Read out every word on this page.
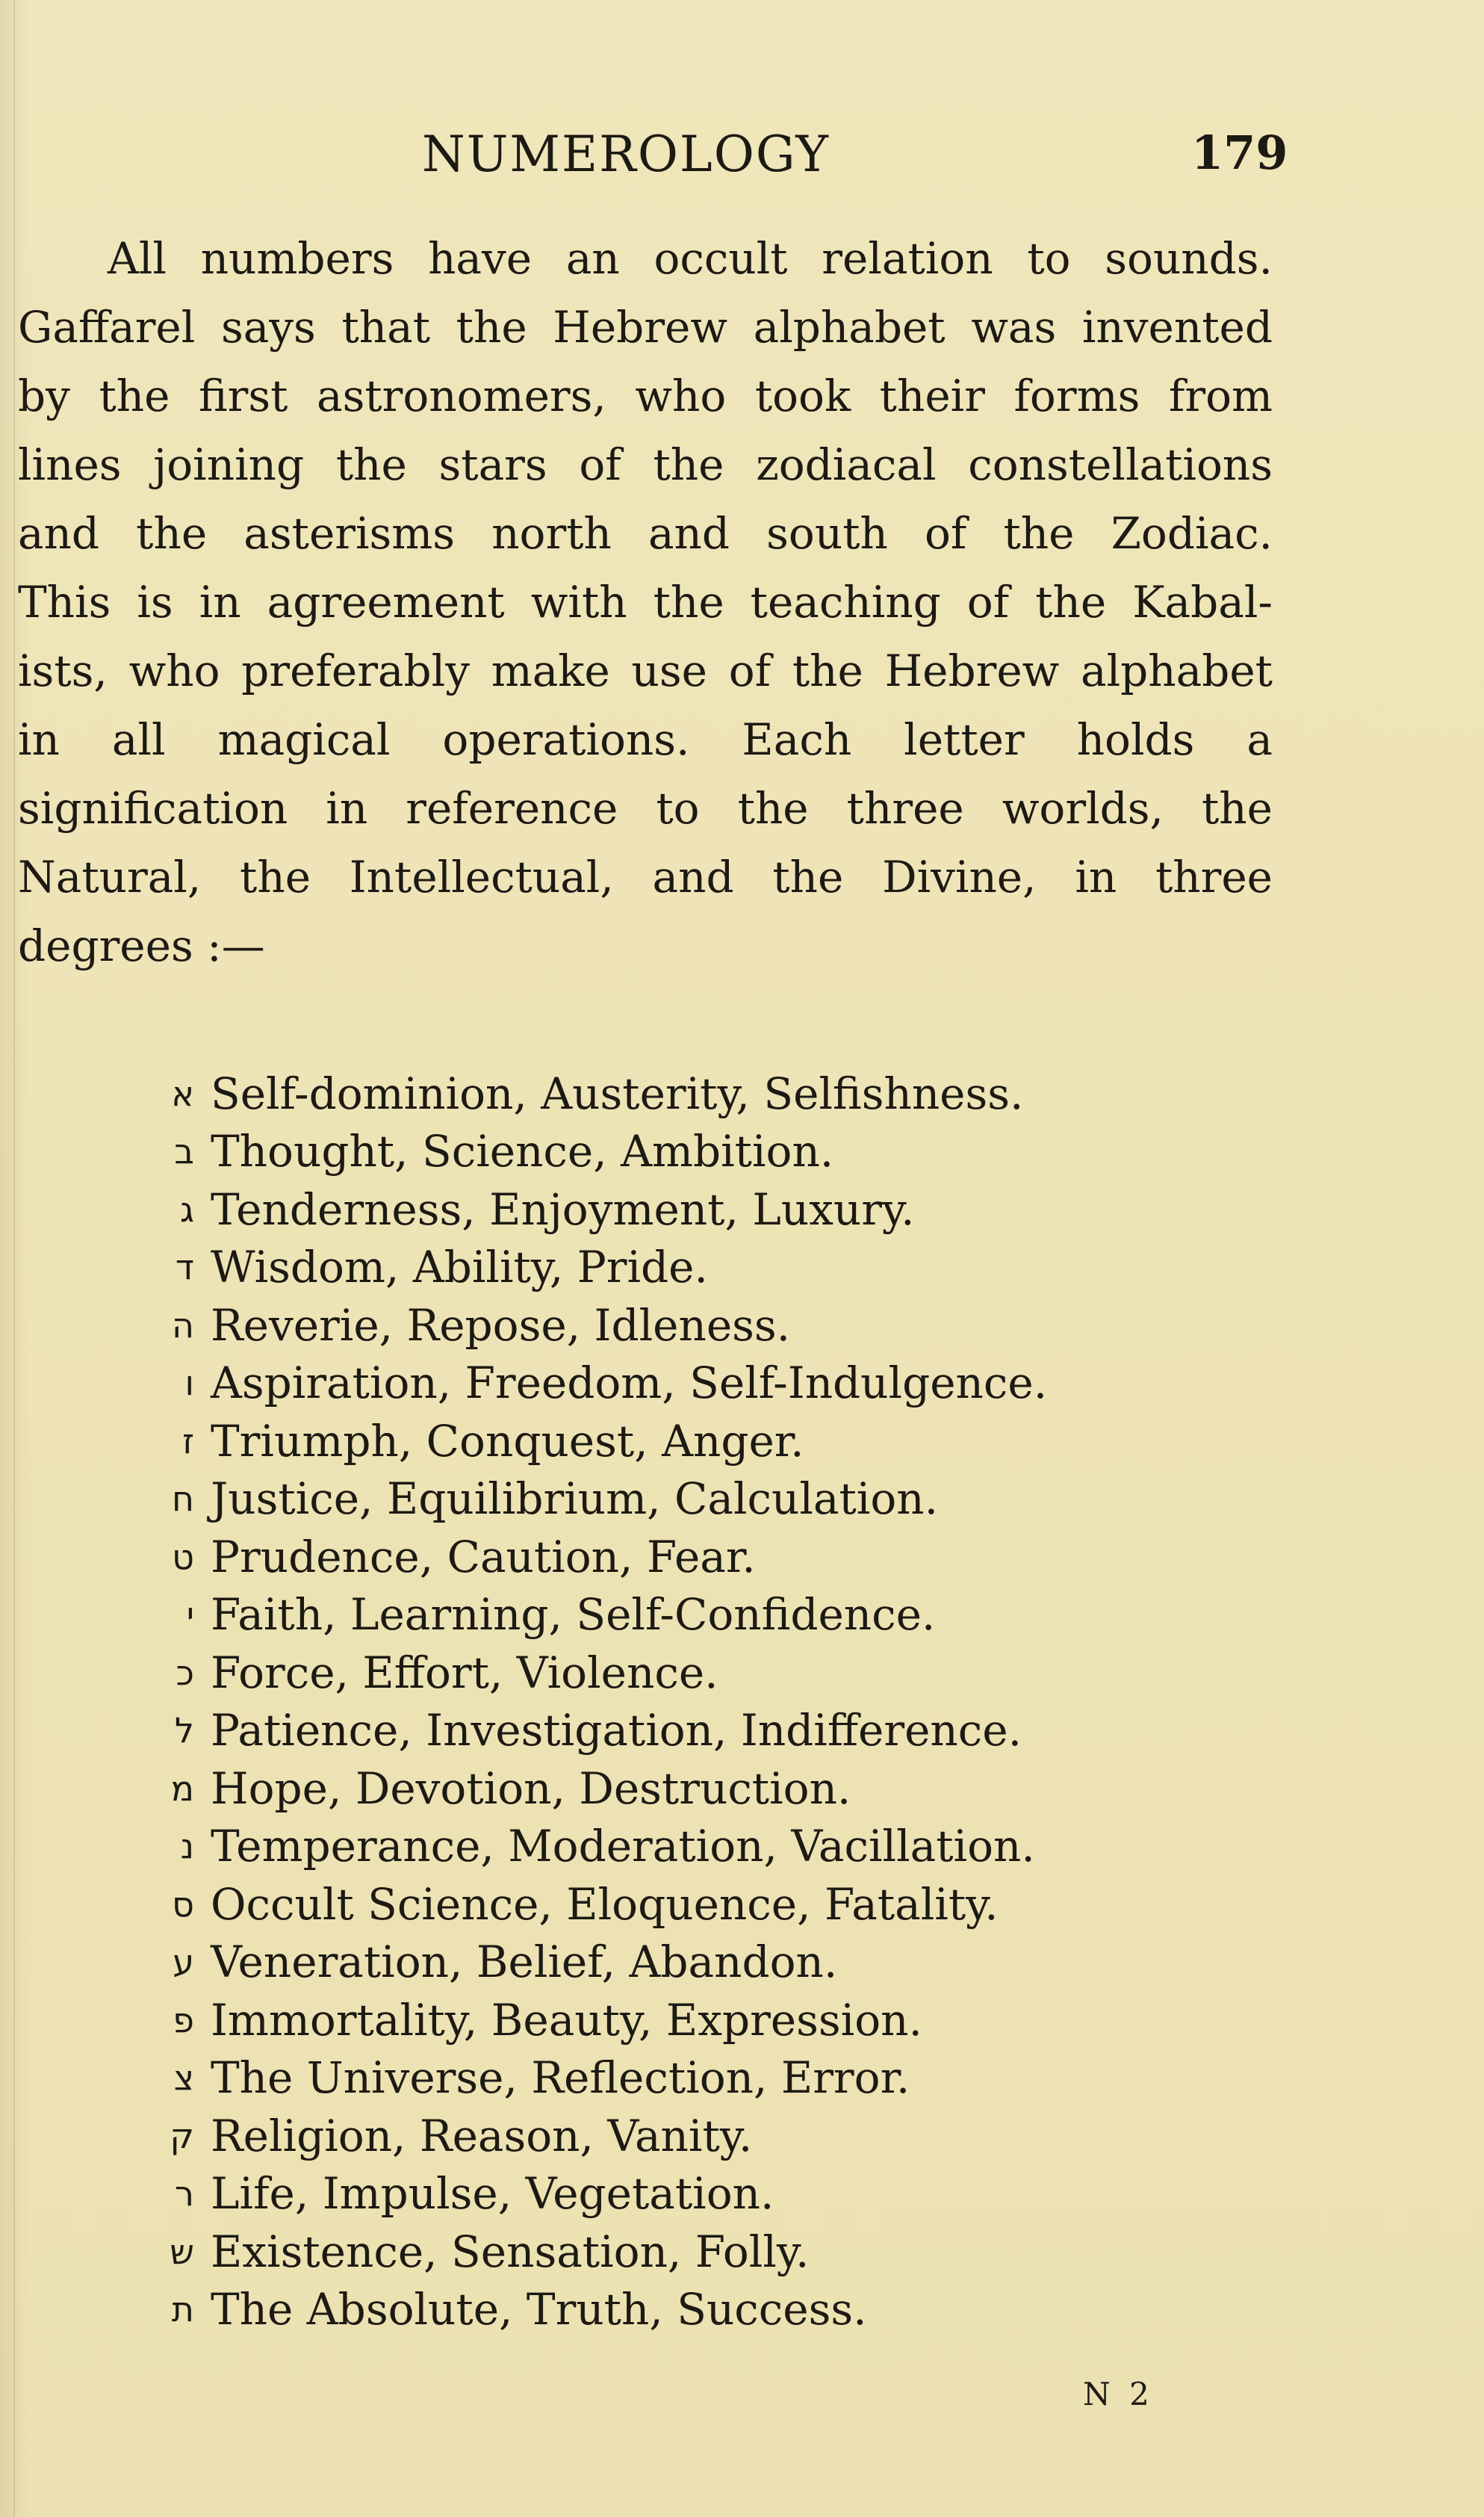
NUMEROLOGY	179
All numbers have an occult relation to sounds.
Gaffarel says that the Hebrew alphabet was invented
by the first astronomers, who took their forms from
lines joining the stars of the zodiacal constellations
and the asterisms north and south of the Zodiac.
This is in agreement with the teaching of the Kabal-
ists, who preferably make use of the Hebrew alphabet
in all magical operations. Each letter holds a
signification in reference to the three worlds, the
Natural, the Intellectual, and the Divine, in three
degrees :—
א Self-dominion, Austerity, Selfishness.
ב Thought, Science, Ambition.
ג Tenderness, Enjoyment, Luxury.
ד Wisdom, Ability, Pride.
ה Reverie, Repose, Idleness.
ו Aspiration, Freedom, Self-Indulgence.
ז Triumph, Conquest, Anger.
ח Justice, Equilibrium, Calculation.
ט Prudence, Caution, Fear.
י Faith, Learning, Self-Confidence.
כ Force, Effort, Violence.
ל Patience, Investigation, Indifference.
מ Hope, Devotion, Destruction.
נ Temperance, Moderation, Vacillation.
ס Occult Science, Eloquence, Fatality.
ע Veneration, Belief, Abandon.
פ Immortality, Beauty, Expression.
צ The Universe, Reflection, Error.
ק Religion, Reason, Vanity.
ר Life, Impulse, Vegetation.
ש Existence, Sensation, Folly.
ת The Absolute, Truth, Success.
N 2
